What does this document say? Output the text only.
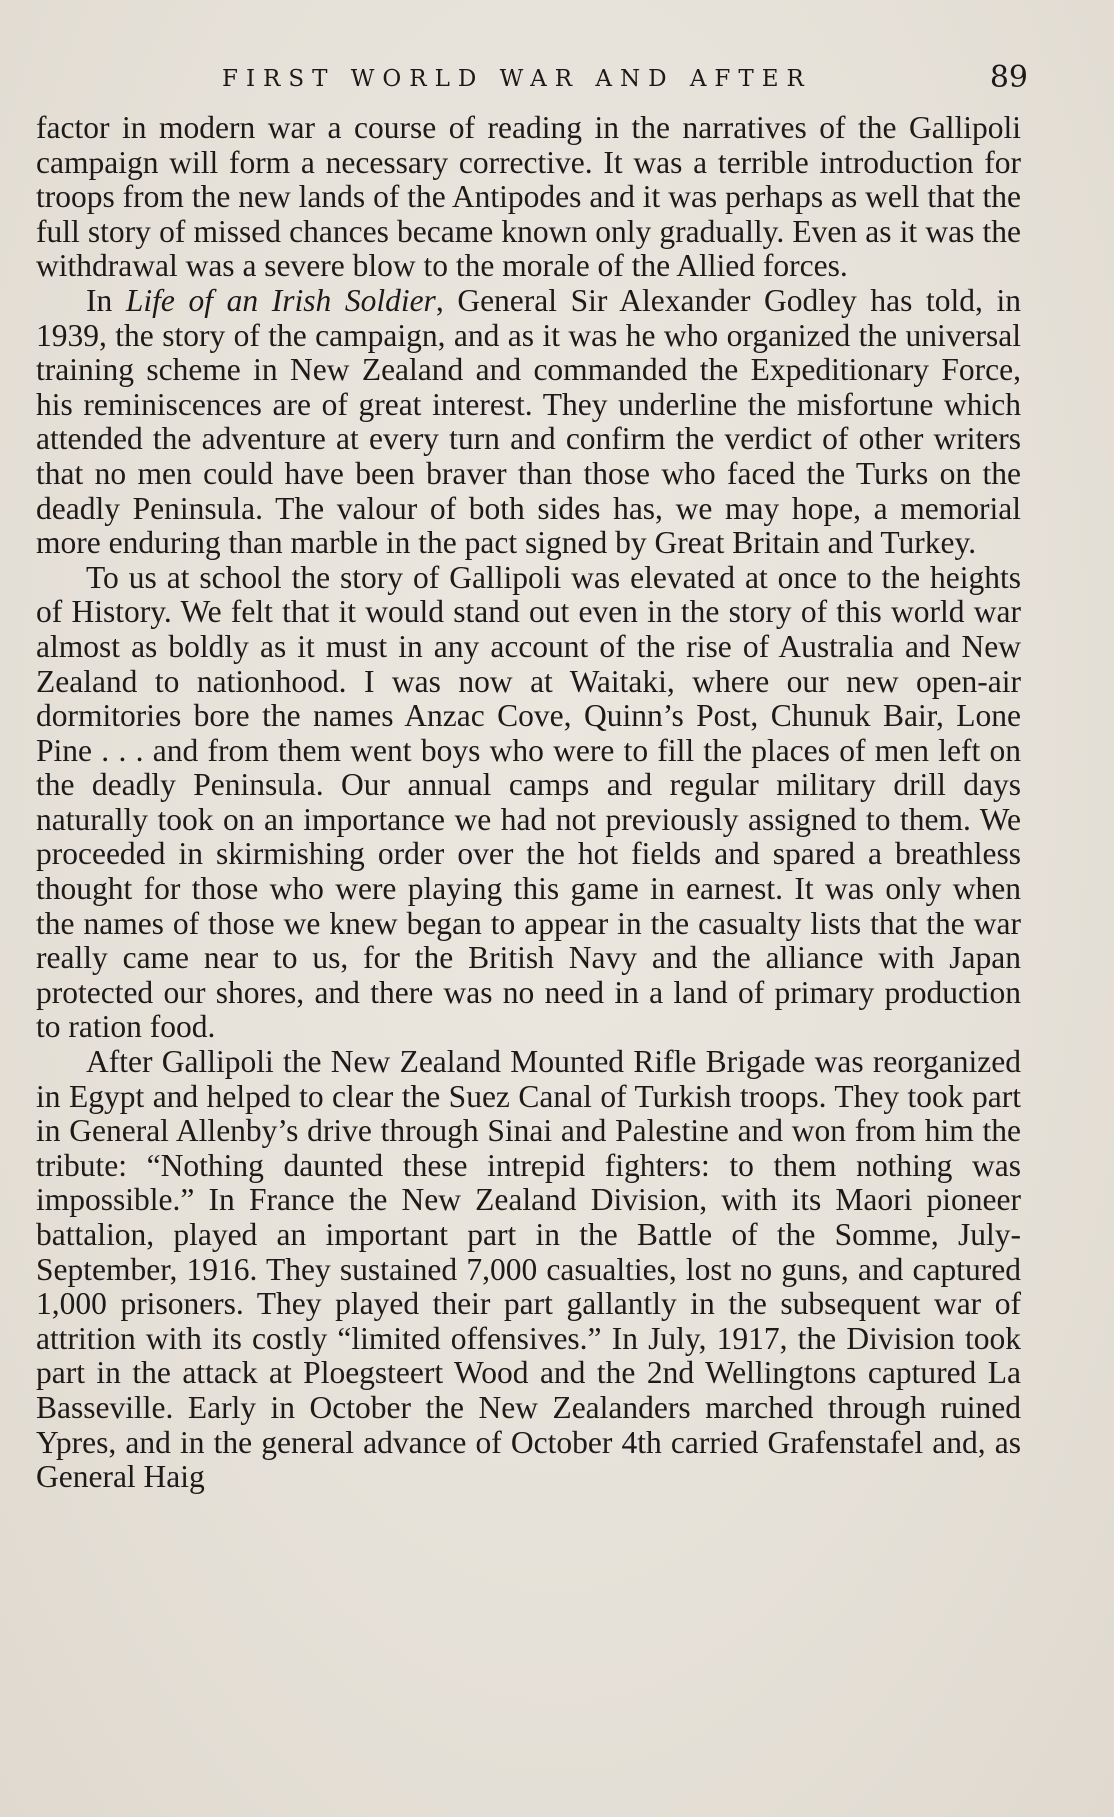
FIRST WORLD WAR AND AFTER	89

factor in modern war a course of reading in the narratives of the Gallipoli campaign will form a necessary corrective. It was a terrible introduction for troops from the new lands of the Antipodes and it was perhaps as well that the full story of missed chances became known only gradually. Even as it was the withdrawal was a severe blow to the morale of the Allied forces.

In Life of an Irish Soldier, General Sir Alexander Godley has told, in 1939, the story of the campaign, and as it was he who organized the universal training scheme in New Zealand and commanded the Expeditionary Force, his reminiscences are of great interest. They underline the misfortune which attended the adventure at every turn and confirm the verdict of other writers that no men could have been braver than those who faced the Turks on the deadly Peninsula. The valour of both sides has, we may hope, a memorial more enduring than marble in the pact signed by Great Britain and Turkey.

To us at school the story of Gallipoli was elevated at once to the heights of History. We felt that it would stand out even in the story of this world war almost as boldly as it must in any account of the rise of Australia and New Zealand to nationhood. I was now at Waitaki, where our new open-air dormitories bore the names Anzac Cove, Quinn’s Post, Chunuk Bair, Lone Pine . . . and from them went boys who were to fill the places of men left on the deadly Peninsula. Our annual camps and regular military drill days naturally took on an importance we had not previously assigned to them. We proceeded in skirmishing order over the hot fields and spared a breathless thought for those who were playing this game in earnest. It was only when the names of those we knew began to appear in the casualty lists that the war really came near to us, for the British Navy and the alliance with Japan protected our shores, and there was no need in a land of primary production to ration food.

After Gallipoli the New Zealand Mounted Rifle Brigade was reorganized in Egypt and helped to clear the Suez Canal of Turkish troops. They took part in General Allenby’s drive through Sinai and Palestine and won from him the tribute: “Nothing daunted these intrepid fighters: to them nothing was impossible.” In France the New Zealand Division, with its Maori pioneer battalion, played an important part in the Battle of the Somme, July-September, 1916. They sustained 7,000 casualties, lost no guns, and captured 1,000 prisoners. They played their part gallantly in the subsequent war of attrition with its costly “limited offensives.” In July, 1917, the Division took part in the attack at Ploegsteert Wood and the 2nd Wellingtons captured La Basseville. Early in October the New Zealanders marched through ruined Ypres, and in the general advance of October 4th carried Grafenstafel and, as General Haig
